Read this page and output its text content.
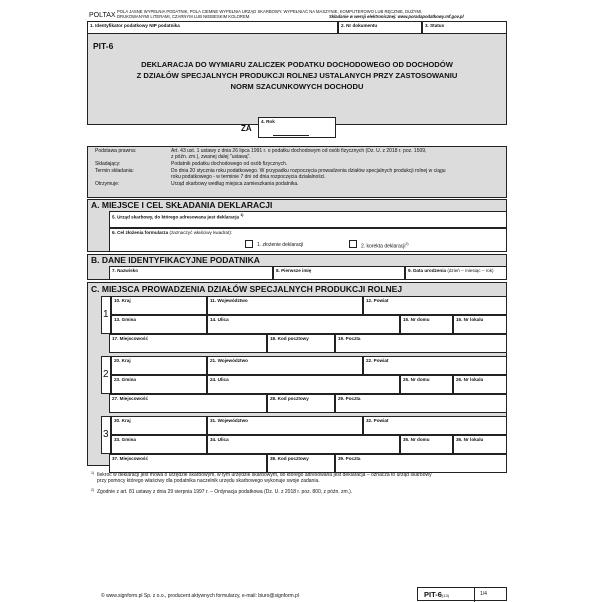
POLTAX
POLA JASNE WYPEŁNIA PODATNIK, POLA CIEMNE WYPEŁNIA URZĄD SKARBOWY. WYPEŁNIAĆ NA MASZYNIE, KOMPUTEROWO LUB RĘCZNIE, DUŻYMI,
DRUKOWANYMI LITERAMI, CZARNYM LUB NIEBIESKIM KOLOREM.	Składanie w wersji elektronicznej: www.poradapodatkowy.mf.gov.pl
1. Identyfikator podatkowy NIP podatnika	2. Nr dokumentu	3. Status
PIT-6
DEKLARACJA DO WYMIARU ZALICZEK PODATKU DOCHODOWEGO OD DOCHODÓW
Z DZIAŁÓW SPECJALNYCH PRODUKCJI ROLNEJ USTALANYCH PRZY ZASTOSOWANIU
NORM SZACUNKOWYCH DOCHODU
ZA
4. Rok
Podstawa prawna:	Art. 43 ust. 1 ustawy z dnia 26 lipca 1991 r. o podatku dochodowym od osób fizycznych (Dz. U. z 2018 r. poz. 1509,
z późn. zm.), zwanej dalej "ustawą".
Składający:	Podatnik podatku dochodowego od osób fizycznych.
Termin składania:	Do dnia 20 stycznia roku podatkowego. W przypadku rozpoczęcia prowadzenia działów specjalnych produkcji rolnej w ciągu
roku podatkowego - w terminie 7 dni od dnia rozpoczęcia działalności.
Otrzymuje:	Urząd skarbowy według miejsca zamieszkania podatnika.
A. MIEJSCE I CEL SKŁADANIA DEKLARACJI
5. Urząd skarbowy, do którego adresowana jest deklaracja $^{1)}$
6. Cel złożenia formularza (zaznaczyć właściwy kwadrat):
1. złożenie deklaracji	2. korekta deklaracji$^{2)}$
B. DANE IDENTYFIKACYJNE PODATNIKA
7. Nazwisko	8. Pierwsze imię	9. Data urodzenia (dzień – miesiąc – rok)
C. MIEJSCA PROWADZENIA DZIAŁÓW SPECJALNYCH PRODUKCJI ROLNEJ
1
10. Kraj	11. Województwo	12. Powiat
13. Gmina	14. Ulica	15. Nr domu	16. Nr lokalu
17. Miejscowość	18. Kod pocztowy	19. Poczta
2
20. Kraj	21. Województwo	22. Powiat
23. Gmina	24. Ulica	25. Nr domu	26. Nr lokalu
27. Miejscowość	28. Kod pocztowy	29. Poczta
3
30. Kraj	31. Województwo	32. Powiat
33. Gmina	34. Ulica	35. Nr domu	36. Nr lokalu
37. Miejscowość	38. Kod pocztowy	39. Poczta
1) Ilekroć w deklaracji jest mowa o urzędzie skarbowym, w tym urzędzie skarbowym, do którego adresowana jest deklaracja – oznacza to urząd skarbowy
przy pomocy którego właściwy dla podatnika naczelnik urzędu skarbowego wykonuje swoje zadania.
2) Zgodnie z art. 81 ustawy z dnia 29 sierpnia 1997 r. – Ordynacja podatkowa (Dz. U. z 2018 r. poz. 800, z późn. zm.).
© www.signform.pl Sp. z o.o., producent aktywnych formularzy, e-mail: biuro@signform.pl	PIT-6(13)	1/4
